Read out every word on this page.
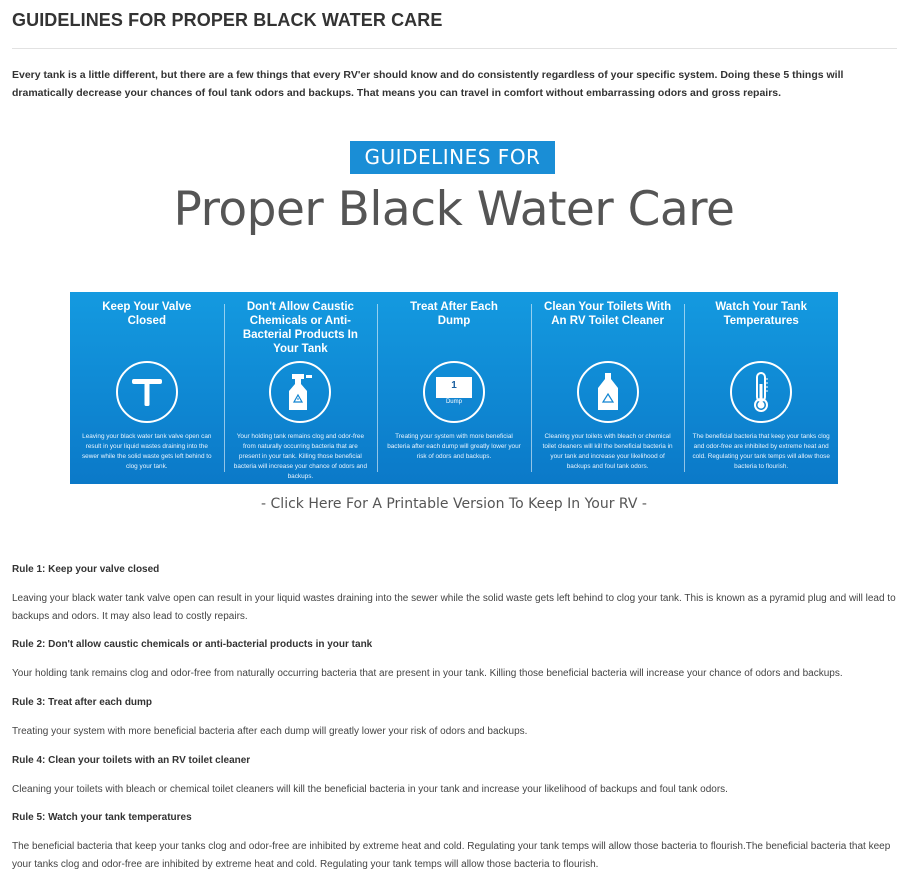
GUIDELINES FOR PROPER BLACK WATER CARE

Every tank is a little different, but there are a few things that every RV'er should know and do consistently regardless of your specific system. Doing these 5 things will dramatically decrease your chances of foul tank odors and backups. That means you can travel in comfort without embarrassing odors and gross repairs.

GUIDELINES FOR
Proper Black Water Care
Keep Your Valve Closed
Leaving your black water tank valve open can result in your liquid wastes draining into the sewer while the solid waste gets left behind to clog your tank.
Don't Allow Caustic Chemicals or Anti-Bacterial Products In Your Tank
Your holding tank remains clog and odor-free from naturally occurring bacteria that are present in your tank. Killing those beneficial bacteria will increase your chance of odors and backups.
Treat After Each Dump
1
Dump
Treating your system with more beneficial bacteria after each dump will greatly lower your risk of odors and backups.
Clean Your Toilets With An RV Toilet Cleaner
Cleaning your toilets with bleach or chemical toilet cleaners will kill the beneficial bacteria in your tank and increase your likelihood of backups and foul tank odors.
Watch Your Tank Temperatures
The beneficial bacteria that keep your tanks clog and odor-free are inhibited by extreme heat and cold. Regulating your tank temps will allow those bacteria to flourish.
- Click Here For A Printable Version To Keep In Your RV -
Rule 1: Keep your valve closed
Leaving your black water tank valve open can result in your liquid wastes draining into the sewer while the solid waste gets left behind to clog your tank. This is known as a pyramid plug and will lead to backups and odors. It may also lead to costly repairs.
Rule 2: Don't allow caustic chemicals or anti-bacterial products in your tank
Your holding tank remains clog and odor-free from naturally occurring bacteria that are present in your tank. Killing those beneficial bacteria will increase your chance of odors and backups.
Rule 3: Treat after each dump
Treating your system with more beneficial bacteria after each dump will greatly lower your risk of odors and backups.
Rule 4: Clean your toilets with an RV toilet cleaner
Cleaning your toilets with bleach or chemical toilet cleaners will kill the beneficial bacteria in your tank and increase your likelihood of backups and foul tank odors.
Rule 5: Watch your tank temperatures
The beneficial bacteria that keep your tanks clog and odor-free are inhibited by extreme heat and cold. Regulating your tank temps will allow those bacteria to flourish.The beneficial bacteria that keep your tanks clog and odor-free are inhibited by extreme heat and cold. Regulating your tank temps will allow those bacteria to flourish.
